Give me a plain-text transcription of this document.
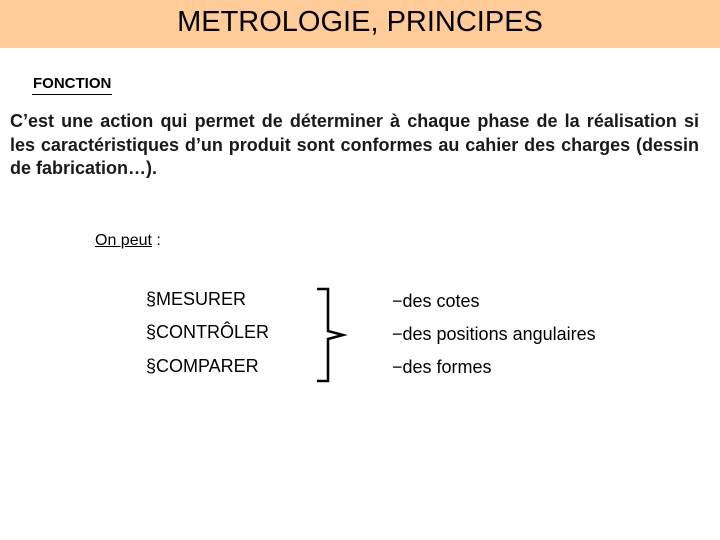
METROLOGIE, PRINCIPES
FONCTION
C’est une action qui permet de déterminer à chaque phase de la réalisation si les caractéristiques d’un produit sont conformes au cahier des charges (dessin de fabrication…).
On peut :
§MESURER
§CONTRÔLER
§COMPARER
−des cotes
−des positions angulaires
−des formes
